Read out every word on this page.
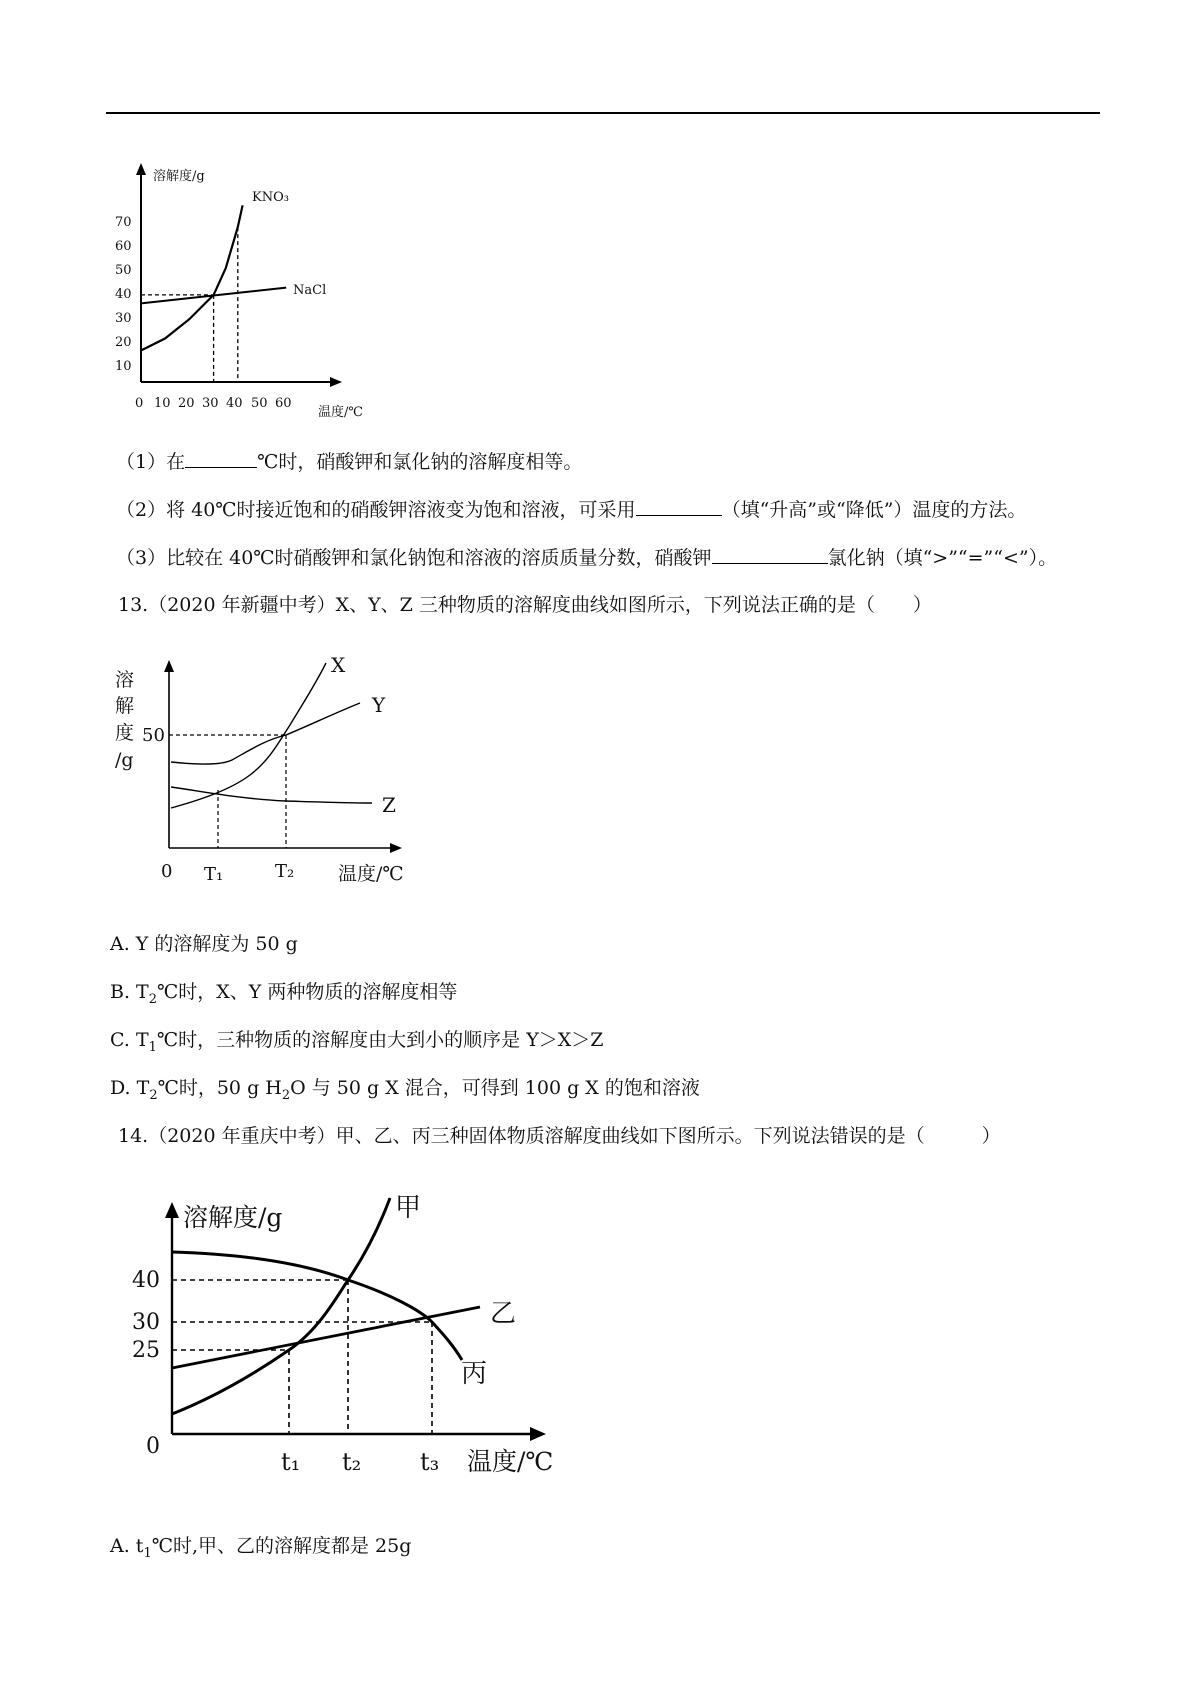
溶解度/g
温度/℃
10
20
30
40
50
60
70
0 10 20 30 40 50 60
KNO₃
NaCl
溶
解
度
/g
50
0 T₁	T₂ 温度/℃
X
Y
Z
溶解度/g
温度/℃
0
40
30
25
t₁ t₂ t₃
甲
乙
丙
（1）在	℃时，硝酸钾和氯化钠的溶解度相等。
（2）将 40℃时接近饱和的硝酸钾溶液变为饱和溶液，可采用	（填“升高”或“降低”）温度的方法。
（3）比较在 40℃时硝酸钾和氯化钠饱和溶液的溶质质量分数，硝酸钾	氯化钠（填“>”“=”“<”）。
13.（2020 年新疆中考）X、Y、Z 三种物质的溶解度曲线如图所示，下列说法正确的是（　　）
A. Y 的溶解度为 50 g
B. $T_2℃$时，X、Y 两种物质的溶解度相等
C. $T_1℃$时，三种物质的溶解度由大到小的顺序是 Y＞X＞Z
D. $T_2℃$时，50 g $H_2O$ 与 50 g X 混合，可得到 100 g X 的饱和溶液
14.（2020 年重庆中考）甲、乙、丙三种固体物质溶解度曲线如下图所示。下列说法错误的是（　　　）
A. $t_1℃$时,甲、乙的溶解度都是 25g
